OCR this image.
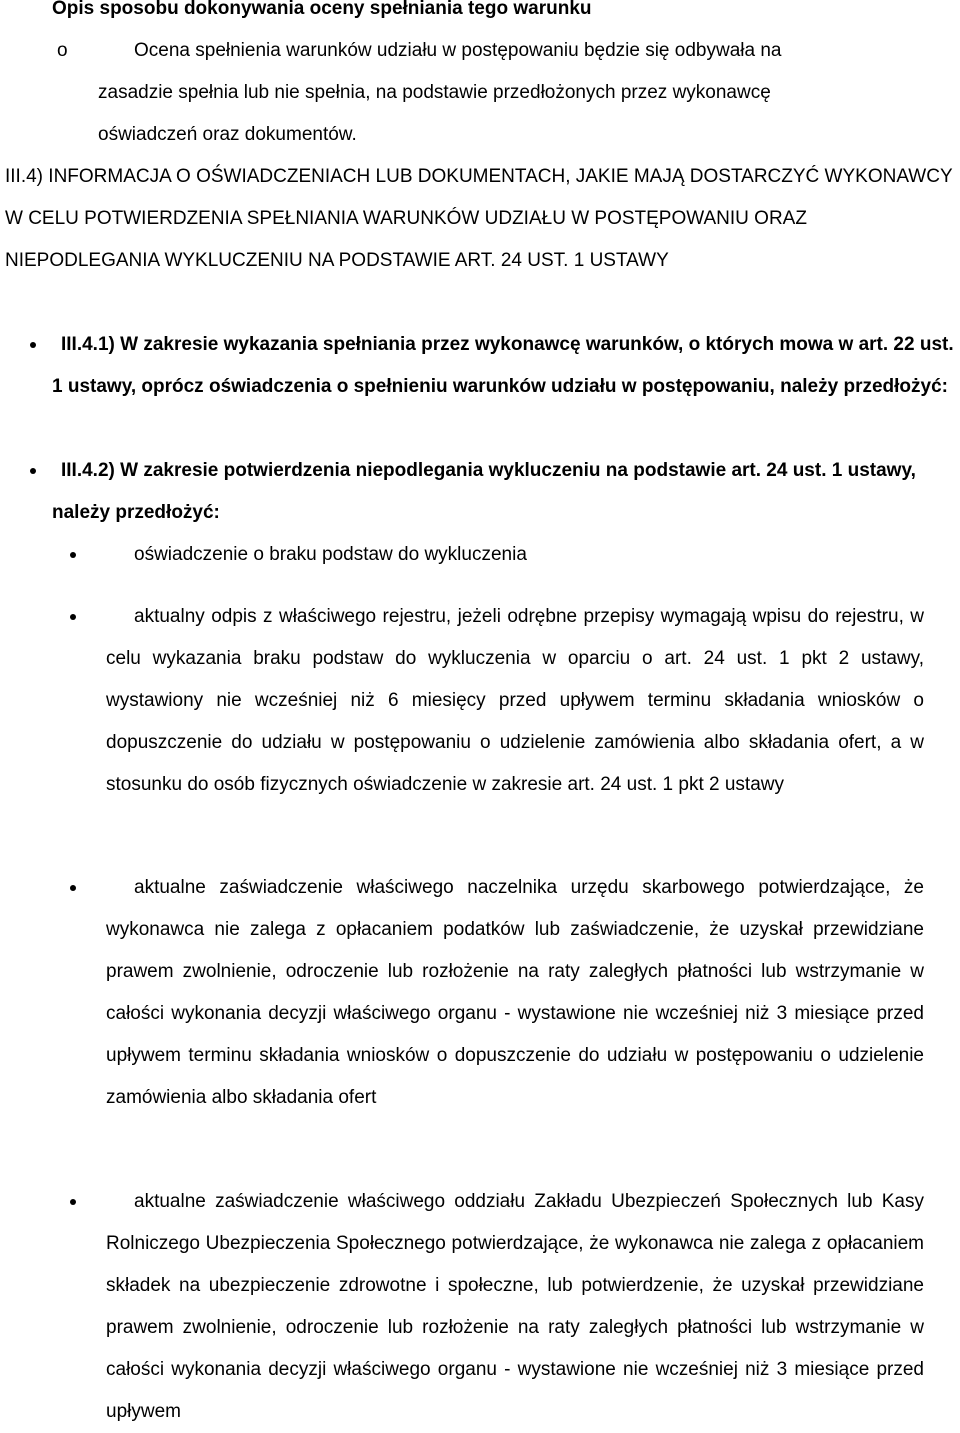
Opis sposobu dokonywania oceny spełniania tego warunku
o	Ocena spełnienia warunków udziału w postępowaniu będzie się odbywała na zasadzie spełnia lub nie spełnia, na podstawie przedłożonych przez wykonawcę oświadczeń oraz dokumentów.

III.4) INFORMACJA O OŚWIADCZENIACH LUB DOKUMENTACH, JAKIE MAJĄ DOSTARCZYĆ WYKONAWCY W CELU POTWIERDZENIA SPEŁNIANIA WARUNKÓW UDZIAŁU W POSTĘPOWANIU ORAZ NIEPODLEGANIA WYKLUCZENIU NA PODSTAWIE ART. 24 UST. 1 USTAWY

III.4.1) W zakresie wykazania spełniania przez wykonawcę warunków, o których mowa w art. 22 ust. 1 ustawy, oprócz oświadczenia o spełnieniu warunków udziału w postępowaniu, należy przedłożyć:

III.4.2) W zakresie potwierdzenia niepodlegania wykluczeniu na podstawie art. 24 ust. 1 ustawy, należy przedłożyć:

oświadczenie o braku podstaw do wykluczenia

aktualny odpis z właściwego rejestru, jeżeli odrębne przepisy wymagają wpisu do rejestru, w celu wykazania braku podstaw do wykluczenia w oparciu o art. 24 ust. 1 pkt 2 ustawy, wystawiony nie wcześniej niż 6 miesięcy przed upływem terminu składania wniosków o dopuszczenie do udziału w postępowaniu o udzielenie zamówienia albo składania ofert, a w stosunku do osób fizycznych oświadczenie w zakresie art. 24 ust. 1 pkt 2 ustawy

aktualne zaświadczenie właściwego naczelnika urzędu skarbowego potwierdzające, że wykonawca nie zalega z opłacaniem podatków lub zaświadczenie, że uzyskał przewidziane prawem zwolnienie, odroczenie lub rozłożenie na raty zaległych płatności lub wstrzymanie w całości wykonania decyzji właściwego organu - wystawione nie wcześniej niż 3 miesiące przed upływem terminu składania wniosków o dopuszczenie do udziału w postępowaniu o udzielenie zamówienia albo składania ofert

aktualne zaświadczenie właściwego oddziału Zakładu Ubezpieczeń Społecznych lub Kasy Rolniczego Ubezpieczenia Społecznego potwierdzające, że wykonawca nie zalega z opłacaniem składek na ubezpieczenie zdrowotne i społeczne, lub potwierdzenie, że uzyskał przewidziane prawem zwolnienie, odroczenie lub rozłożenie na raty zaległych płatności lub wstrzymanie w całości wykonania decyzji właściwego organu - wystawione nie wcześniej niż 3 miesiące przed upływem
